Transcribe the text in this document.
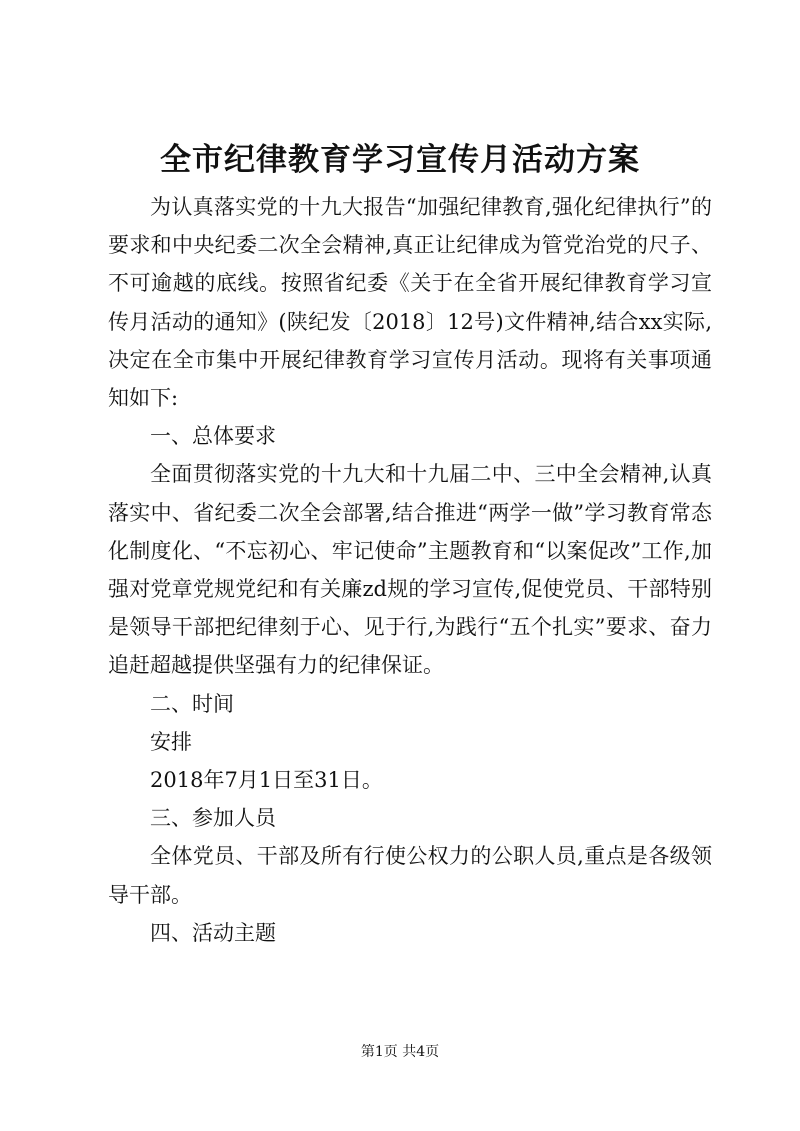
全市纪律教育学习宣传月活动方案

为认真落实党的十九大报告“加强纪律教育,强化纪律执行”的要求和中央纪委二次全会精神,真正让纪律成为管党治党的尺子、不可逾越的底线。按照省纪委《关于在全省开展纪律教育学习宣传月活动的通知》(陕纪发〔2018〕12号)文件精神,结合xx实际,决定在全市集中开展纪律教育学习宣传月活动。现将有关事项通知如下:

一、总体要求

全面贯彻落实党的十九大和十九届二中、三中全会精神,认真落实中、省纪委二次全会部署,结合推进“两学一做”学习教育常态化制度化、“不忘初心、牢记使命”主题教育和“以案促改”工作,加强对党章党规党纪和有关廉zd规的学习宣传,促使党员、干部特别是领导干部把纪律刻于心、见于行,为践行“五个扎实”要求、奋力追赶超越提供坚强有力的纪律保证。

二、时间

安排

2018年7月1日至31日。

三、参加人员

全体党员、干部及所有行使公权力的公职人员,重点是各级领导干部。

四、活动主题

第1页 共4页
